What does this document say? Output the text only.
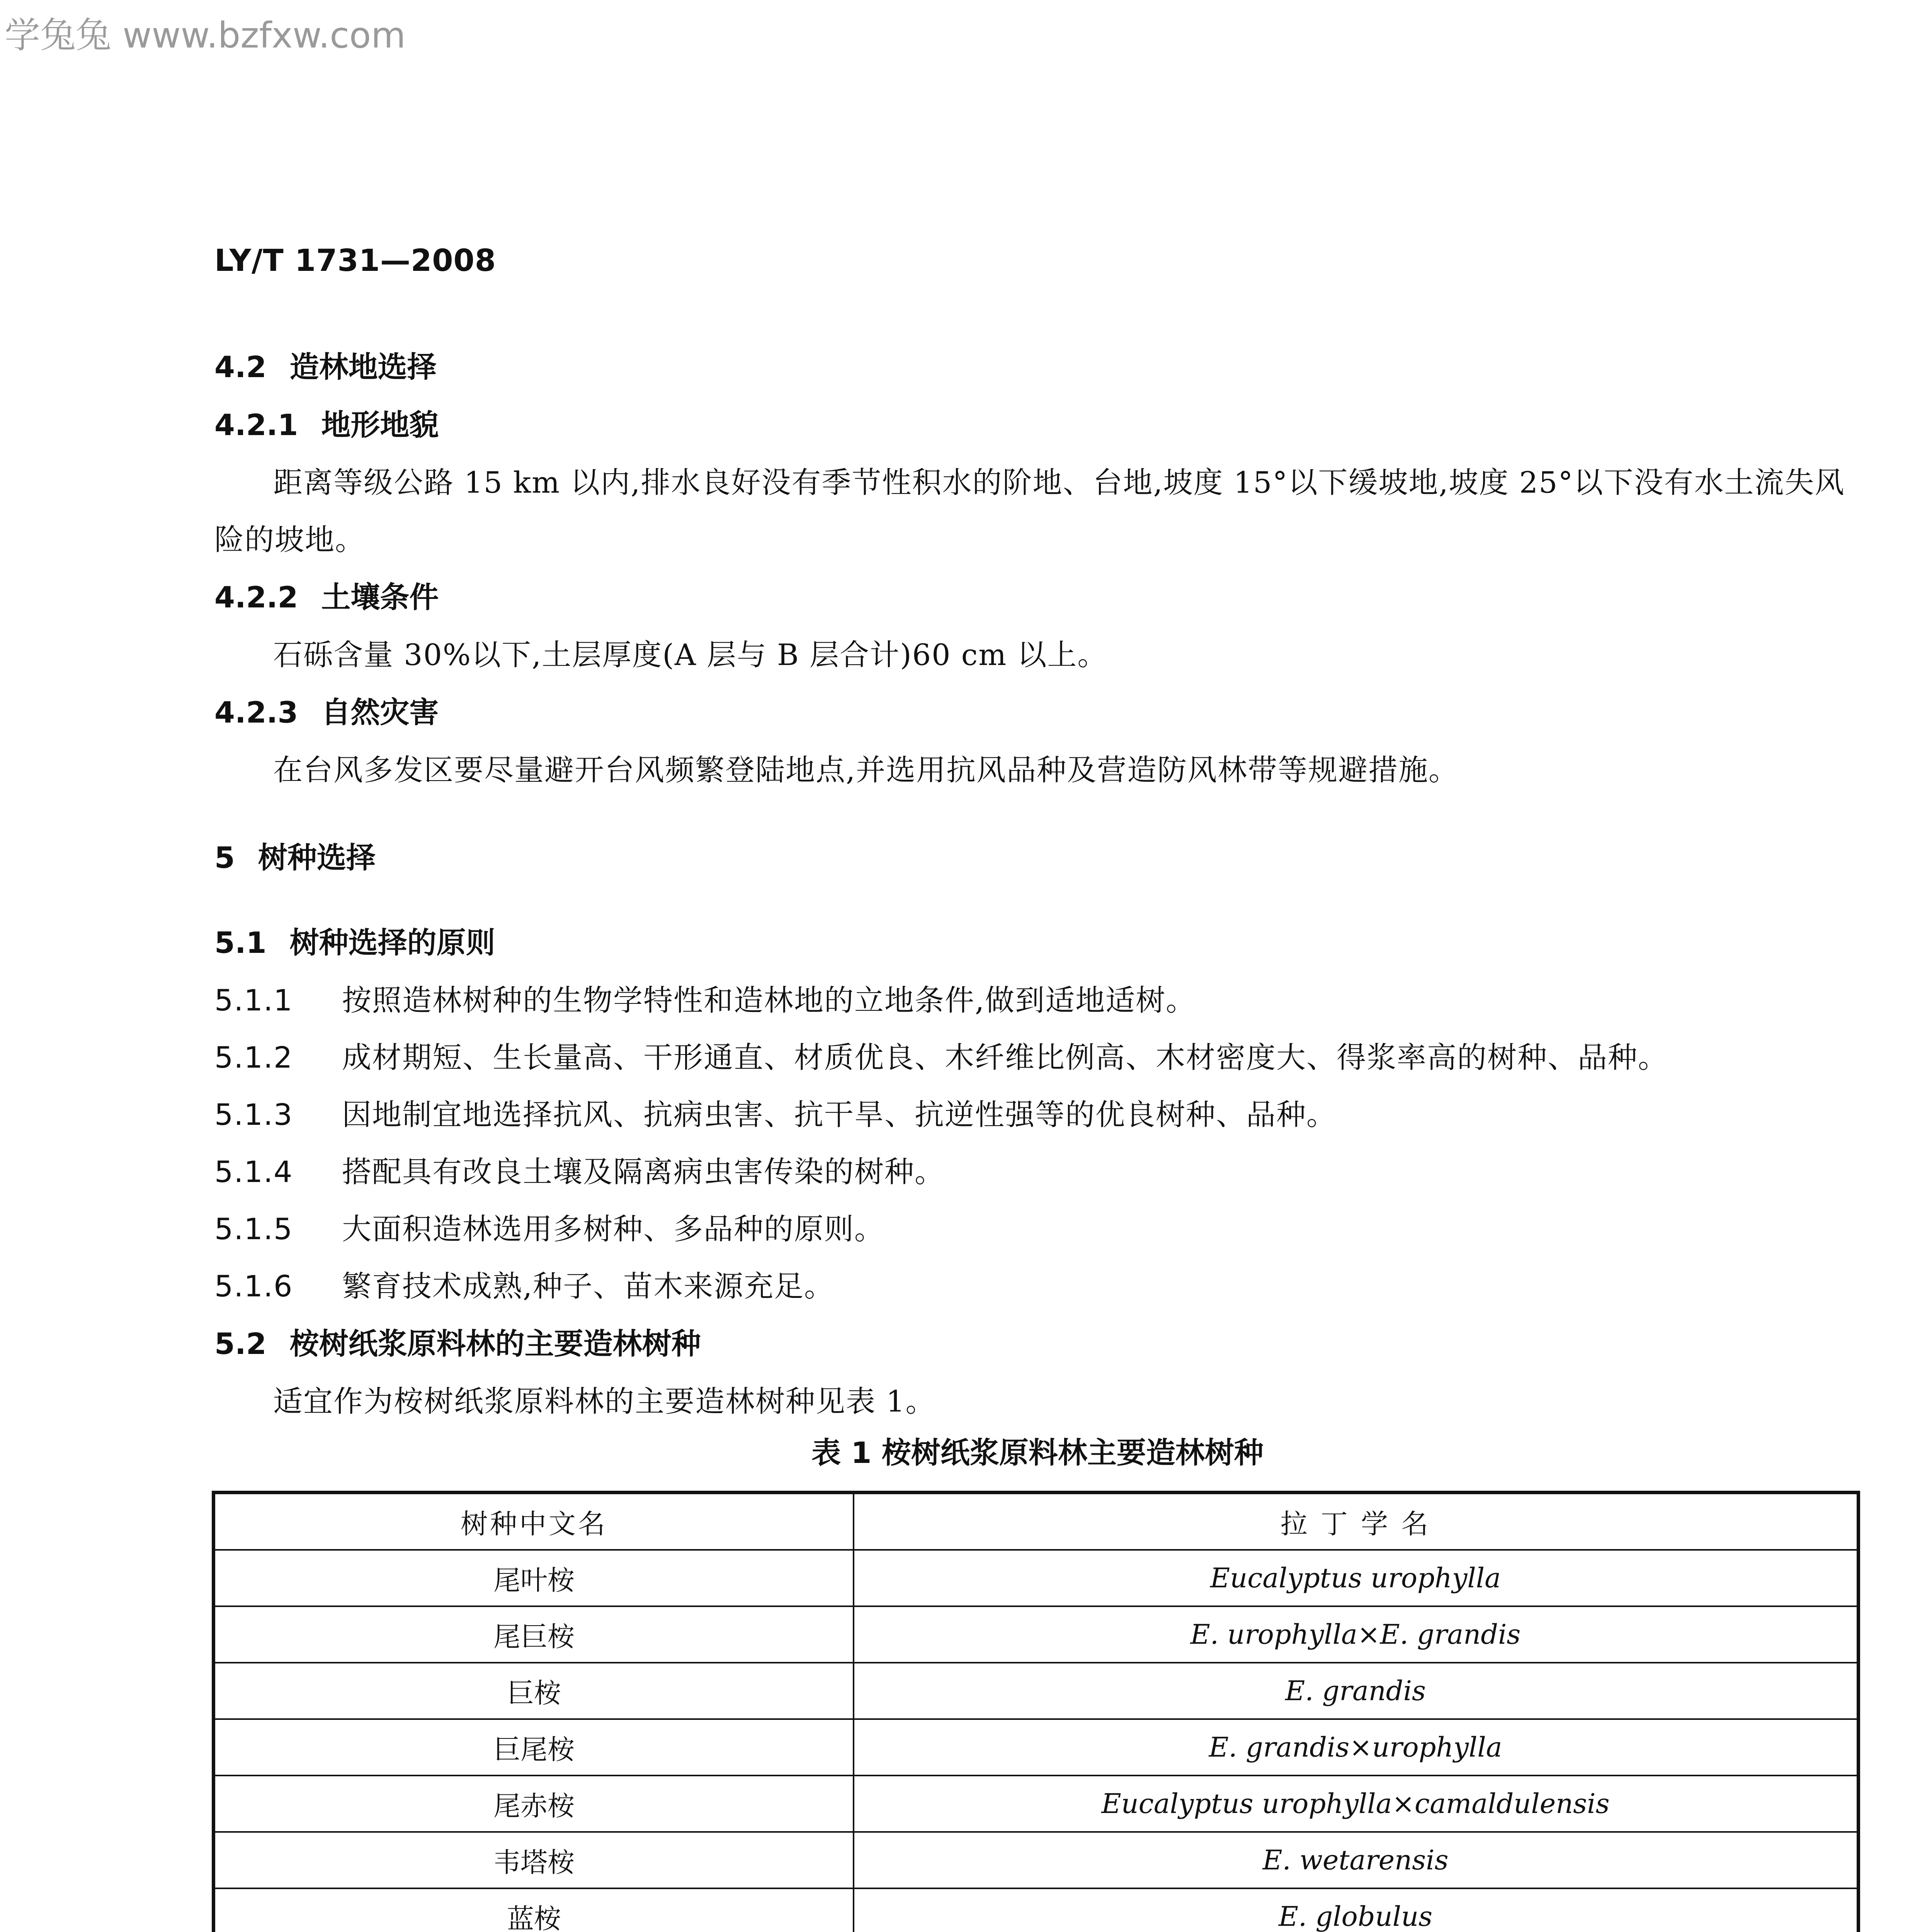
学兔兔 www.bzfxw.com
LY/T 1731—2008
4.2 造林地选择
4.2.1 地形地貌
距离等级公路 15 km 以内,排水良好没有季节性积水的阶地、台地,坡度 15°以下缓坡地,坡度 25°以下没有水土流失风险的坡地。
4.2.2 土壤条件
石砾含量 30%以下,土层厚度(A 层与 B 层合计)60 cm 以上。
4.2.3 自然灾害
在台风多发区要尽量避开台风频繁登陆地点,并选用抗风品种及营造防风林带等规避措施。
5 树种选择
5.1 树种选择的原则
5.1.1 按照造林树种的生物学特性和造林地的立地条件,做到适地适树。
5.1.2 成材期短、生长量高、干形通直、材质优良、木纤维比例高、木材密度大、得浆率高的树种、品种。
5.1.3 因地制宜地选择抗风、抗病虫害、抗干旱、抗逆性强等的优良树种、品种。
5.1.4 搭配具有改良土壤及隔离病虫害传染的树种。
5.1.5 大面积造林选用多树种、多品种的原则。
5.1.6 繁育技术成熟,种子、苗木来源充足。
5.2 桉树纸浆原料林的主要造林树种
适宜作为桉树纸浆原料林的主要造林树种见表 1。
表 1 桉树纸浆原料林主要造林树种
树种中文名	拉 丁 学 名
尾叶桉	Eucalyptus urophylla
尾巨桉	E. urophylla×E. grandis
巨桉	E. grandis
巨尾桉	E. grandis×urophylla
尾赤桉	Eucalyptus urophylla×camaldulensis
韦塔桉	E. wetarensis
蓝桉	E. globulus
